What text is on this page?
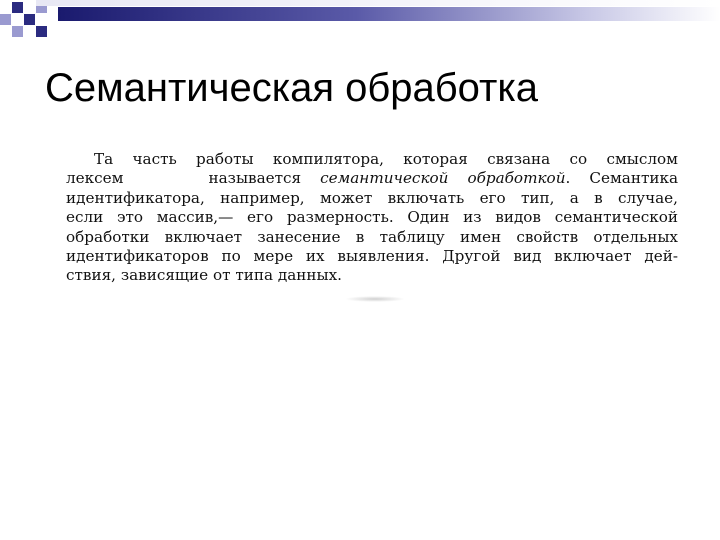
Семантическая обработка
Та часть работы компилятора, которая связана со смыслом
лексем	называется семантической обработкой. Семантика
идентификатора, например, может включать его тип, а в случае,
если это массив,— его размерность. Один из видов семантической
обработки включает занесение в таблицу имен свойств отдельных
идентификаторов по мере их выявления. Другой вид включает дей-
ствия, зависящие от типа данных.
